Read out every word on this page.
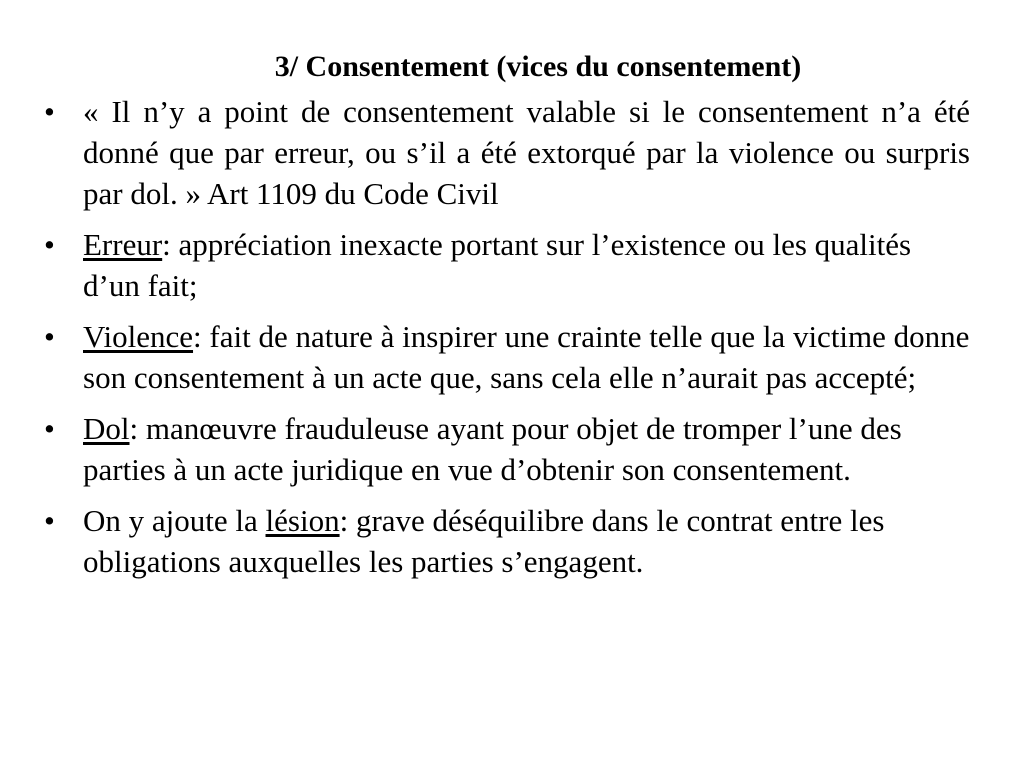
3/ Consentement (vices du consentement)
• « Il n’y a point de consentement valable si le consentement n’a été donné que par erreur, ou s’il a été extorqué par la violence ou surpris par dol. » Art 1109 du Code Civil
• Erreur: appréciation inexacte portant sur l’existence ou les qualités d’un fait;
• Violence: fait de nature à inspirer une crainte telle que la victime donne son consentement à un acte que, sans cela elle n’aurait pas accepté;
• Dol: manœuvre frauduleuse ayant pour objet de tromper l’une des parties à un acte juridique en vue d’obtenir son consentement.
• On y ajoute la lésion: grave déséquilibre dans le contrat entre les obligations auxquelles les parties s’engagent.
